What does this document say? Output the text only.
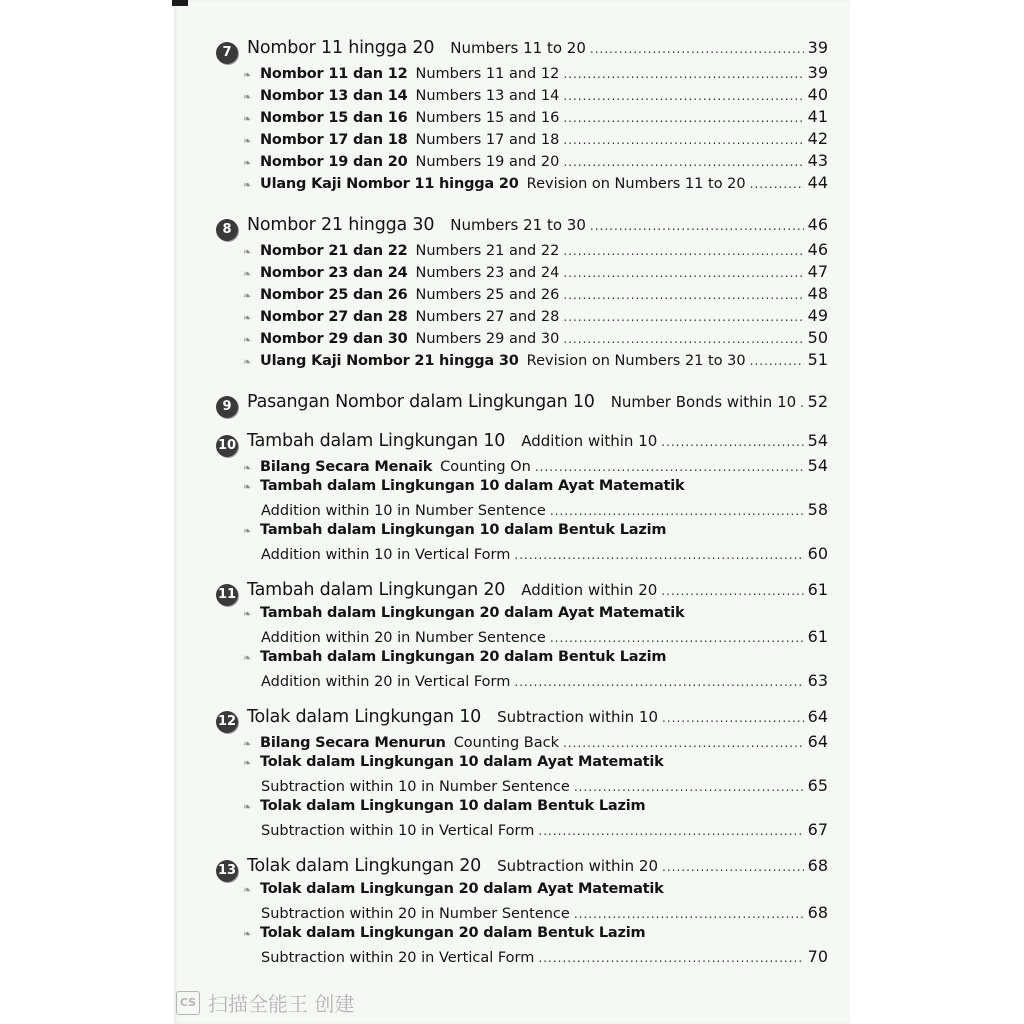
7 Nombor 11 hingga 20 Numbers 11 to 20 .....	39
❧ Nombor 11 dan 12 Numbers 11 and 12 .....	39
❧ Nombor 13 dan 14 Numbers 13 and 14 .....	40
❧ Nombor 15 dan 16 Numbers 15 and 16 .....	41
❧ Nombor 17 dan 18 Numbers 17 and 18 .....	42
❧ Nombor 19 dan 20 Numbers 19 and 20 .....	43
❧ Ulang Kaji Nombor 11 hingga 20 Revision on Numbers 11 to 20 .....	44
8 Nombor 21 hingga 30 Numbers 21 to 30 .....	46
❧ Nombor 21 dan 22 Numbers 21 and 22 .....	46
❧ Nombor 23 dan 24 Numbers 23 and 24 .....	47
❧ Nombor 25 dan 26 Numbers 25 and 26 .....	48
❧ Nombor 27 dan 28 Numbers 27 and 28 .....	49
❧ Nombor 29 dan 30 Numbers 29 and 30 .....	50
❧ Ulang Kaji Nombor 21 hingga 30 Revision on Numbers 21 to 30 .....	51
9 Pasangan Nombor dalam Lingkungan 10 Number Bonds within 10 ..... 52
10 Tambah dalam Lingkungan 10 Addition within 10 .....	54
❧ Bilang Secara Menaik Counting On .....	54
❧ Tambah dalam Lingkungan 10 dalam Ayat Matematik
Addition within 10 in Number Sentence .....	58
❧ Tambah dalam Lingkungan 10 dalam Bentuk Lazim
Addition within 10 in Vertical Form .....	60
11 Tambah dalam Lingkungan 20 Addition within 20 .....	61
❧ Tambah dalam Lingkungan 20 dalam Ayat Matematik
Addition within 20 in Number Sentence .....	61
❧ Tambah dalam Lingkungan 20 dalam Bentuk Lazim
Addition within 20 in Vertical Form .....	63
12 Tolak dalam Lingkungan 10 Subtraction within 10 .....	64
❧ Bilang Secara Menurun Counting Back .....	64
❧ Tolak dalam Lingkungan 10 dalam Ayat Matematik
Subtraction within 10 in Number Sentence .....	65
❧ Tolak dalam Lingkungan 10 dalam Bentuk Lazim
Subtraction within 10 in Vertical Form .....	67
13 Tolak dalam Lingkungan 20 Subtraction within 20 .....	68
❧ Tolak dalam Lingkungan 20 dalam Ayat Matematik
Subtraction within 20 in Number Sentence .....	68
❧ Tolak dalam Lingkungan 20 dalam Bentuk Lazim
Subtraction within 20 in Vertical Form .....	70
CS 扫描全能王 创建
